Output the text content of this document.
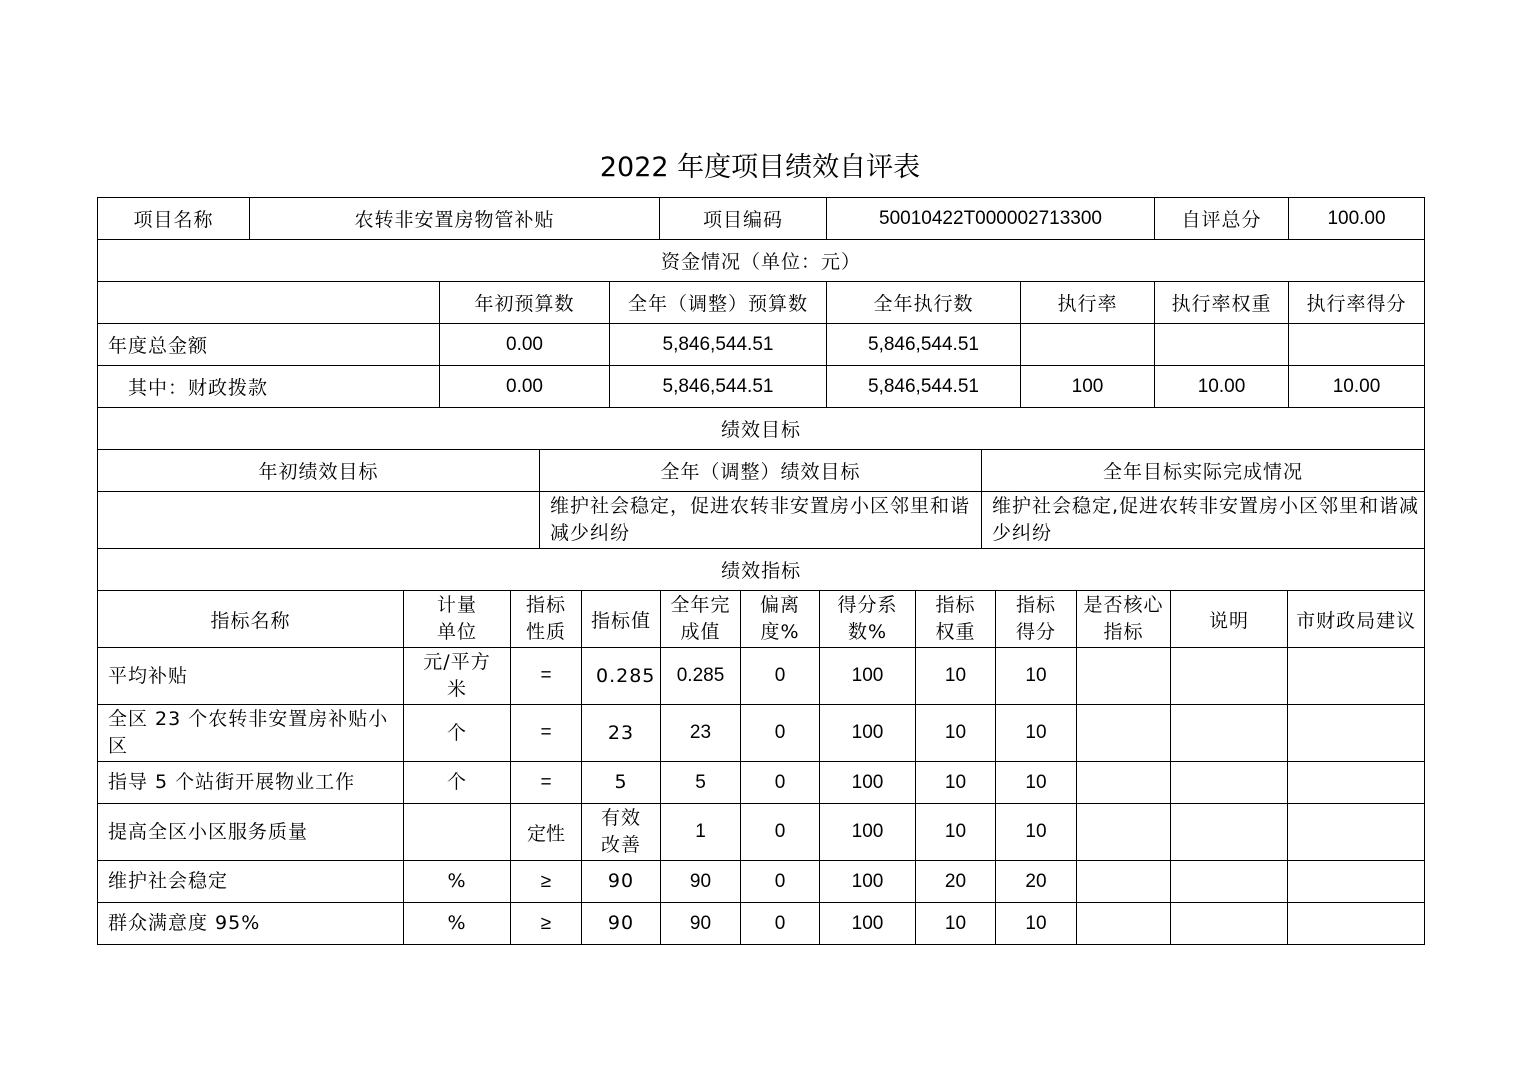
2022 年度项目绩效自评表
项目名称	农转非安置房物管补贴			项目编码	50010422T000002713300		自评总分	100.00
资金情况（单位：元）								
		年初预算数	全年（调整）预算数		全年执行数	执行率	执行率权重	执行率得分
年度总金额		0.00	5,846,544.51		5,846,544.51			
其中：财政拨款		0.00	5,846,544.51		5,846,544.51	100	10.00	10.00
绩效目标								
年初绩效目标	全年（调整）绩效目标	全年目标实际完成情况
	维护社会稳定，促进农转非安置房小区邻里和谐减少纠纷	维护社会稳定,促进农转非安置房小区邻里和谐减少纠纷
绩效指标											
指标名称	计量单位	指标性质	指标值	全年完成值	偏离度%	得分系数%	指标权重	指标得分	是否核心指标	说明	市财政局建议
平均补贴	元/平方米	=	0.285	0.285	0	100	10	10			
全区 23 个农转非安置房补贴小区	个	=	23	23	0	100	10	10			
指导 5 个站街开展物业工作	个	=	5	5	0	100	10	10			
提高全区小区服务质量		定性	有效改善	1	0	100	10	10			
维护社会稳定	%	≥	90	90	0	100	20	20			
群众满意度 95%	%	≥	90	90	0	100	10	10			
